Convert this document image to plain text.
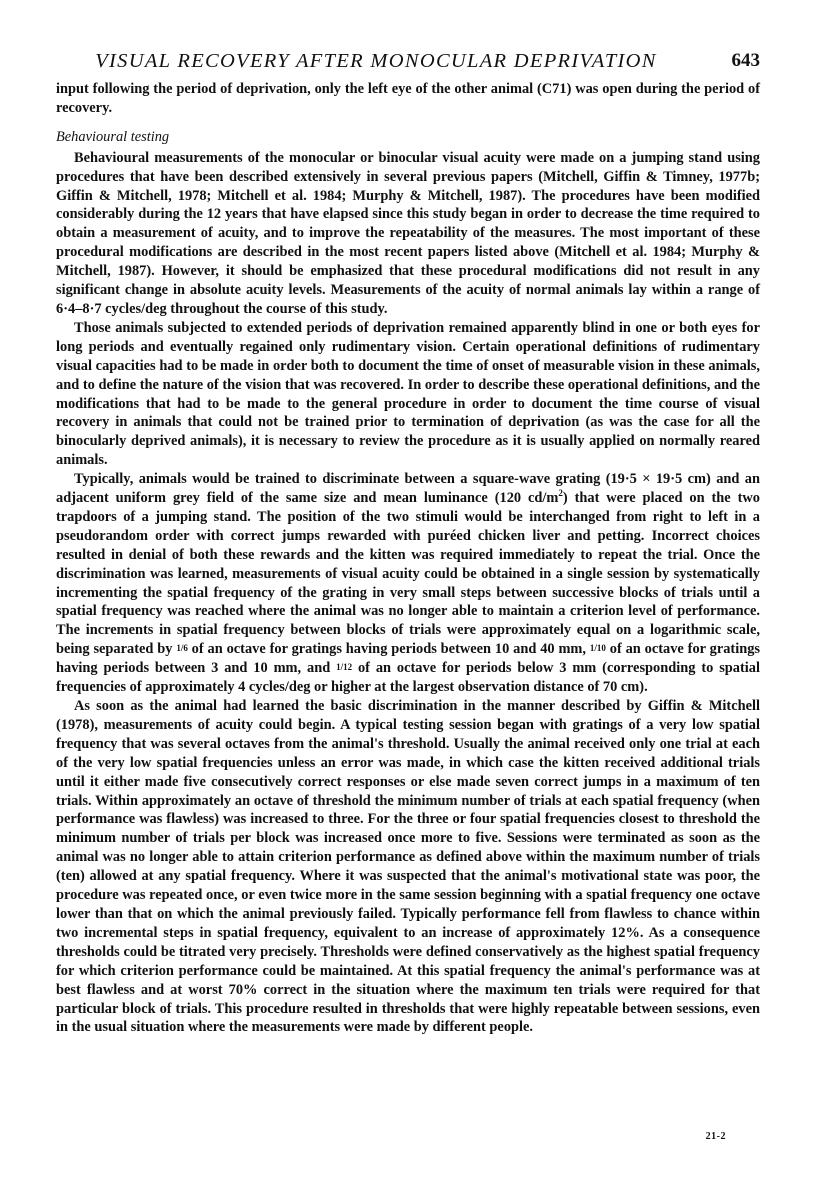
VISUAL RECOVERY AFTER MONOCULAR DEPRIVATION	643

input following the period of deprivation, only the left eye of the other animal (C71) was open during the period of recovery.

Behavioural testing

Behavioural measurements of the monocular or binocular visual acuity were made on a jumping stand using procedures that have been described extensively in several previous papers (Mitchell, Giffin & Timney, 1977b; Giffin & Mitchell, 1978; Mitchell et al. 1984; Murphy & Mitchell, 1987). The procedures have been modified considerably during the 12 years that have elapsed since this study began in order to decrease the time required to obtain a measurement of acuity, and to improve the repeatability of the measures. The most important of these procedural modifications are described in the most recent papers listed above (Mitchell et al. 1984; Murphy & Mitchell, 1987). However, it should be emphasized that these procedural modifications did not result in any significant change in absolute acuity levels. Measurements of the acuity of normal animals lay within a range of 6·4–8·7 cycles/deg throughout the course of this study.

Those animals subjected to extended periods of deprivation remained apparently blind in one or both eyes for long periods and eventually regained only rudimentary vision. Certain operational definitions of rudimentary visual capacities had to be made in order both to document the time of onset of measurable vision in these animals, and to define the nature of the vision that was recovered. In order to describe these operational definitions, and the modifications that had to be made to the general procedure in order to document the time course of visual recovery in animals that could not be trained prior to termination of deprivation (as was the case for all the binocularly deprived animals), it is necessary to review the procedure as it is usually applied on normally reared animals.

Typically, animals would be trained to discriminate between a square-wave grating (19·5 × 19·5 cm) and an adjacent uniform grey field of the same size and mean luminance (120 $cd/m^2$) that were placed on the two trapdoors of a jumping stand. The position of the two stimuli would be interchanged from right to left in a pseudorandom order with correct jumps rewarded with puréed chicken liver and petting. Incorrect choices resulted in denial of both these rewards and the kitten was required immediately to repeat the trial. Once the discrimination was learned, measurements of visual acuity could be obtained in a single session by systematically incrementing the spatial frequency of the grating in very small steps between successive blocks of trials until a spatial frequency was reached where the animal was no longer able to maintain a criterion level of performance. The increments in spatial frequency between blocks of trials were approximately equal on a logarithmic scale, being separated by 1/6 of an octave for gratings having periods between 10 and 40 mm, 1/10 of an octave for gratings having periods between 3 and 10 mm, and 1/12 of an octave for periods below 3 mm (corresponding to spatial frequencies of approximately 4 cycles/deg or higher at the largest observation distance of 70 cm).

As soon as the animal had learned the basic discrimination in the manner described by Giffin & Mitchell (1978), measurements of acuity could begin. A typical testing session began with gratings of a very low spatial frequency that was several octaves from the animal's threshold. Usually the animal received only one trial at each of the very low spatial frequencies unless an error was made, in which case the kitten received additional trials until it either made five consecutively correct responses or else made seven correct jumps in a maximum of ten trials. Within approximately an octave of threshold the minimum number of trials at each spatial frequency (when performance was flawless) was increased to three. For the three or four spatial frequencies closest to threshold the minimum number of trials per block was increased once more to five. Sessions were terminated as soon as the animal was no longer able to attain criterion performance as defined above within the maximum number of trials (ten) allowed at any spatial frequency. Where it was suspected that the animal's motivational state was poor, the procedure was repeated once, or even twice more in the same session beginning with a spatial frequency one octave lower than that on which the animal previously failed. Typically performance fell from flawless to chance within two incremental steps in spatial frequency, equivalent to an increase of approximately 12%. As a consequence thresholds could be titrated very precisely. Thresholds were defined conservatively as the highest spatial frequency for which criterion performance could be maintained. At this spatial frequency the animal's performance was at best flawless and at worst 70% correct in the situation where the maximum ten trials were required for that particular block of trials. This procedure resulted in thresholds that were highly repeatable between sessions, even in the usual situation where the measurements were made by different people.

21-2
